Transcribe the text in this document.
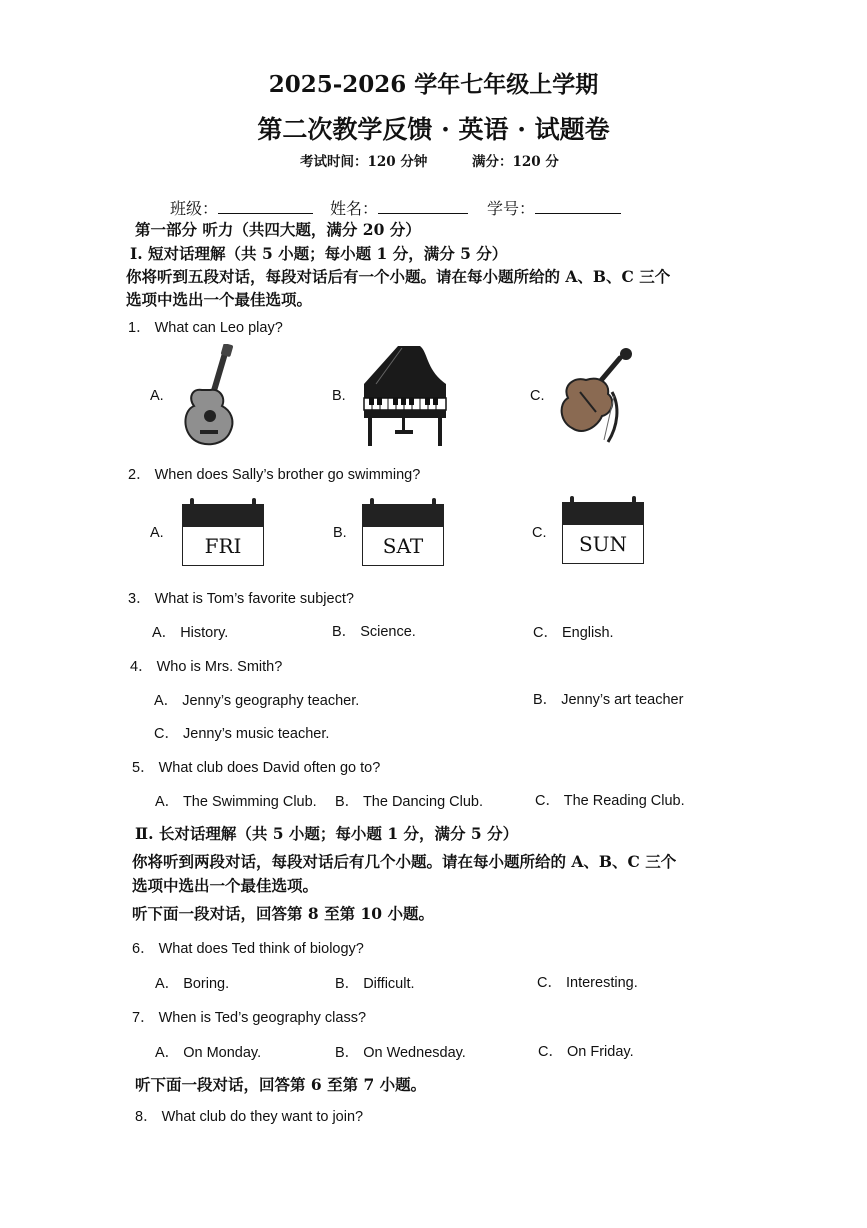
2025-2026 学年七年级上学期
第二次教学反馈 · 英语 · 试题卷
考试时间：120 分钟	满分：120 分
班级：	姓名：	学号：
第一部分 听力（共四大题，满分 20 分）
Ⅰ. 短对话理解（共 5 小题；每小题 1 分，满分 5 分）
你将听到五段对话，每段对话后有一个小题。请在每小题所给的 A、B、C 三个
选项中选出一个最佳选项。
1． What can Leo play?
A.	B.	C.
2． When does Sally’s brother go swimming?
A.	B.	C.
FRI	SAT	SUN
3． What is Tom’s favorite subject?
A． History.	B． Science.	C． English.
4． Who is Mrs. Smith?
A． Jenny’s geography teacher.	B． Jenny’s art teacher
C． Jenny’s music teacher.
5． What club does David often go to?
A． The Swimming Club. B． The Dancing Club.	C． The Reading Club.
Ⅱ. 长对话理解（共 5 小题；每小题 1 分，满分 5 分）
你将听到两段对话，每段对话后有几个小题。请在每小题所给的 A、B、C 三个
选项中选出一个最佳选项。
听下面一段对话，回答第 8 至第 10 小题。
6． What does Ted think of biology?
A． Boring.	B． Difficult.	C． Interesting.
7． When is Ted’s geography class?
A． On Monday.	B． On Wednesday.	C． On Friday.
听下面一段对话，回答第 6 至第 7 小题。
8． What club do they want to join?
